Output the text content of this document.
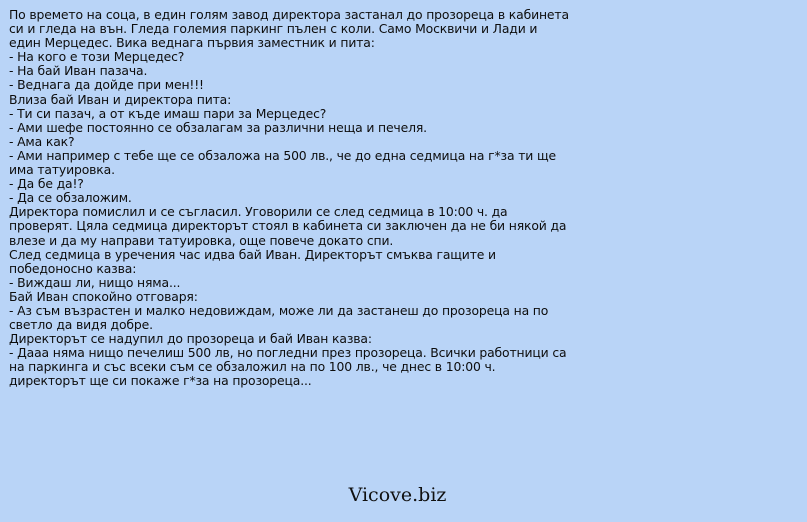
По времето на соца, в един голям завод директора застанал до прозореца в кабинета
си и гледа на вън. Гледа големия паркинг пълен с коли. Само Москвичи и Лади и
един Мерцедес. Вика веднага първия заместник и пита:
- На кого е този Мерцедес?
- На бай Иван пазача.
- Веднага да дойде при мен!!!
Влиза бай Иван и директора пита:
- Ти си пазач, а от къде имаш пари за Мерцедес?
- Ами шефе постоянно се обзалагам за различни неща и печеля.
- Ама как?
- Ами например с тебе ще се обзаложа на 500 лв., че до една седмица на г*за ти ще
има татуировка.
- Да бе да!?
- Да се обзаложим.
Директора помислил и се съгласил. Уговорили се след седмица в 10:00 ч. да
проверят. Цяла седмица директорът стоял в кабинета си заключен да не би някой да
влезе и да му направи татуировка, още повече докато спи.
След седмица в уречения час идва бай Иван. Директорът смъква гащите и
победоносно казва:
- Виждаш ли, нищо няма...
Бай Иван спокойно отговаря:
- Аз съм възрастен и малко недовиждам, може ли да застанеш до прозореца на по
светло да видя добре.
Директорът се надупил до прозореца и бай Иван казва:
- Дааа няма нищо печелиш 500 лв, но погледни през прозореца. Всички работници са
на паркинга и със всеки съм се обзаложил на по 100 лв., че днес в 10:00 ч.
директорът ще си покаже г*за на прозореца...
Vicove.biz
